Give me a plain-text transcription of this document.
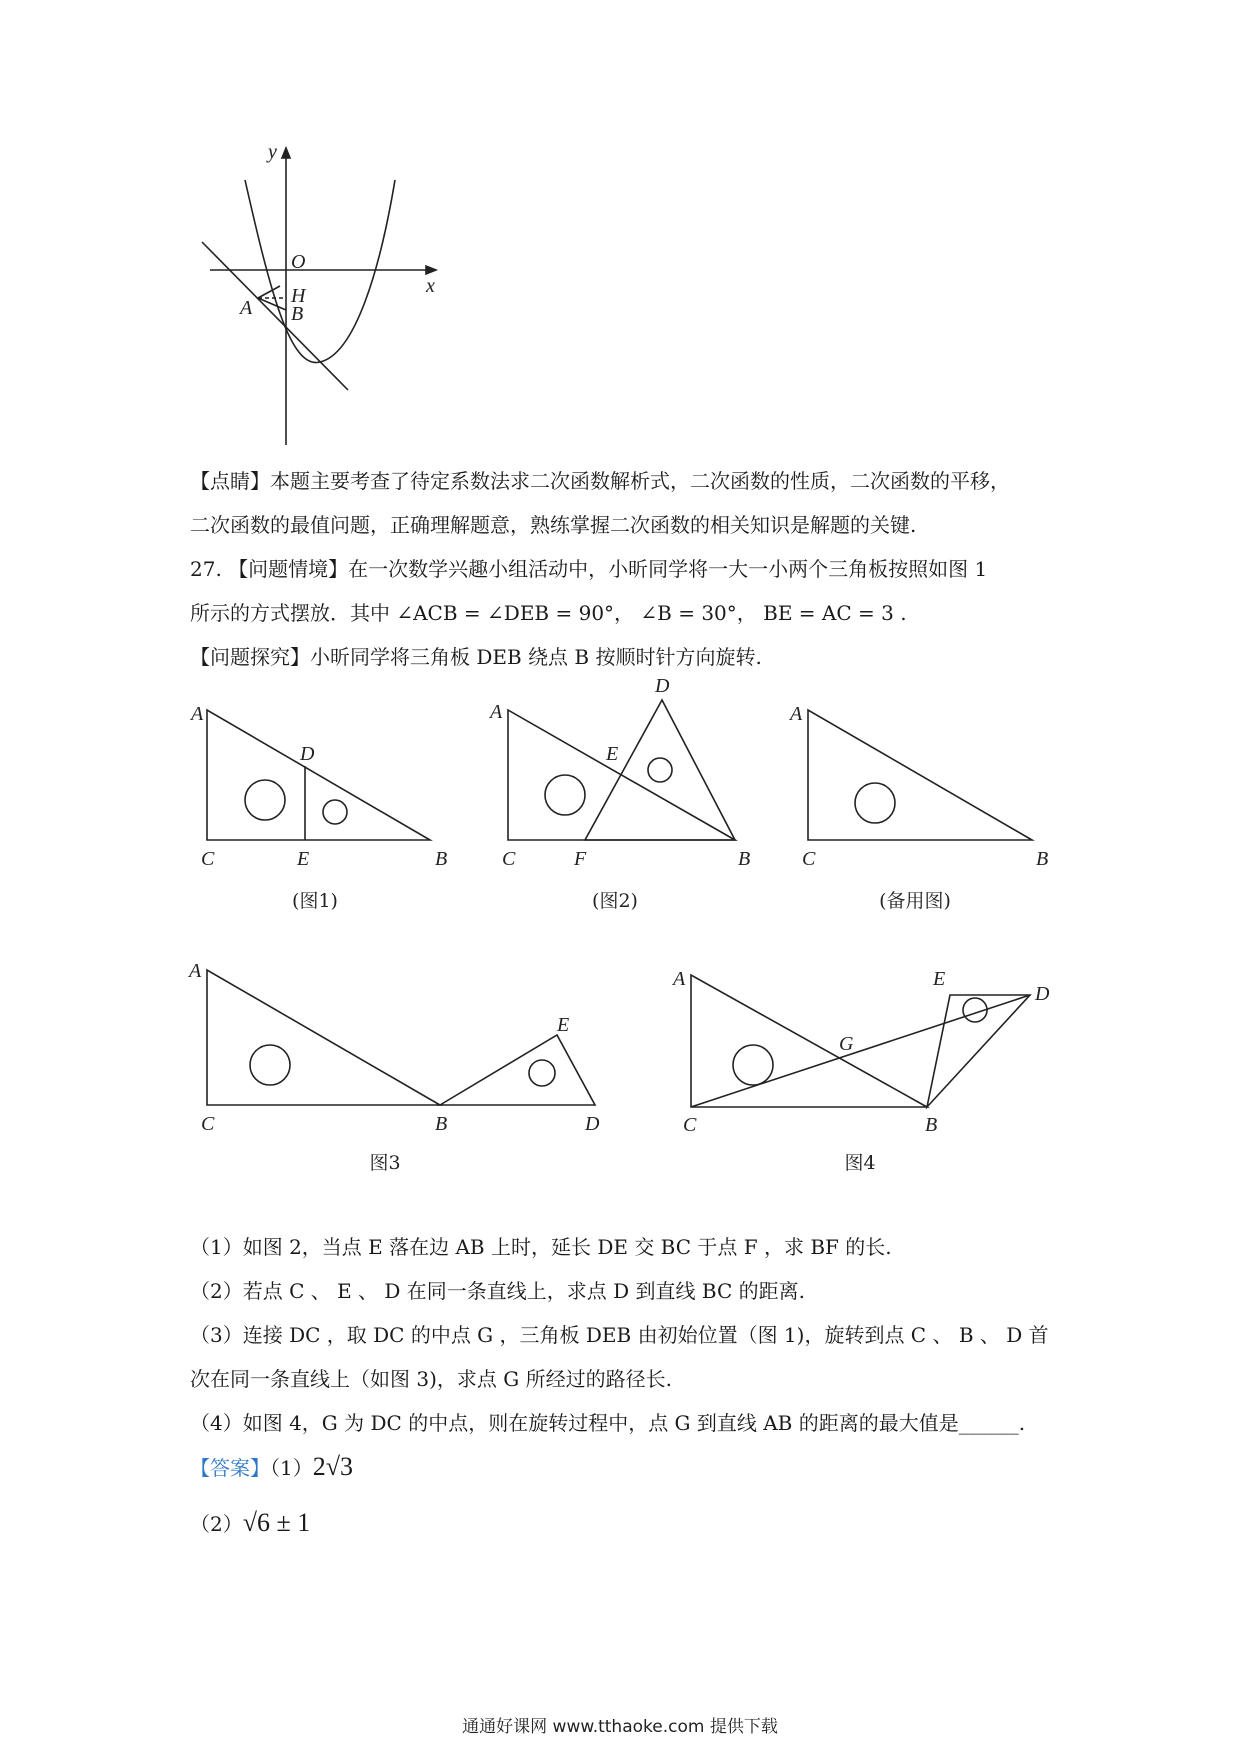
y
x
O
H
A B
【点睛】本题主要考查了待定系数法求二次函数解析式，二次函数的性质，二次函数的平移，
二次函数的最值问题，正确理解题意，熟练掌握二次函数的相关知识是解题的关键.
27. 【问题情境】在一次数学兴趣小组活动中，小昕同学将一大一小两个三角板按照如图 1
所示的方式摆放．其中 ∠ACB = ∠DEB = 90°， ∠B = 30°， BE = AC = 3 .
【问题探究】小昕同学将三角板 DEB 绕点 B 按顺时针方向旋转.
A
D
C	E	B
(图1)
A
D
E
C	F	B
(图2)
A
C	B
(备用图)
A
E
C	B	D
图3
A	E
D
G
C	B
图4
（1）如图 2，当点 E 落在边 AB 上时，延长 DE 交 BC 于点 F ，求 BF 的长.
（2）若点 C 、 E 、 D 在同一条直线上，求点 D 到直线 BC 的距离.
（3）连接 DC ，取 DC 的中点 G ，三角板 DEB 由初始位置（图 1)，旋转到点 C 、 B 、 D 首
次在同一条直线上（如图 3)，求点 G 所经过的路径长.
（4）如图 4，G 为 DC 的中点，则在旋转过程中，点 G 到直线 AB 的距离的最大值是______.
【答案】（1）2√3
（2）√6 ± 1
通通好课网 www.tthaoke.com 提供下载
